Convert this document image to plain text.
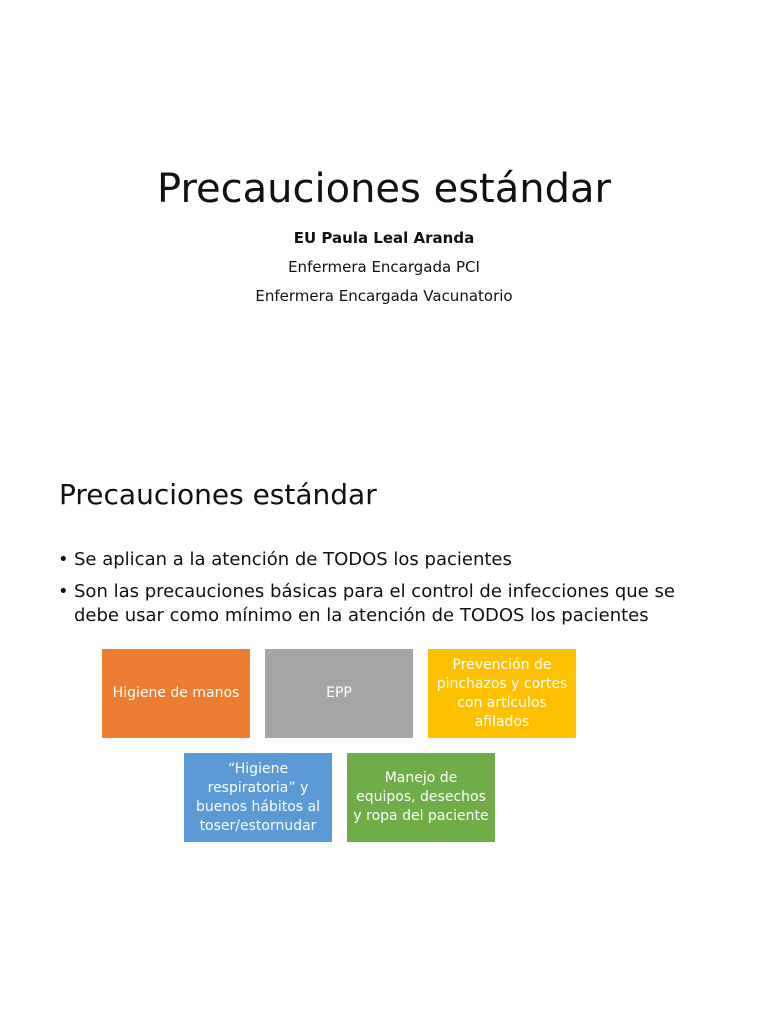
Precauciones estándar
EU Paula Leal Aranda
Enfermera Encargada PCI
Enfermera Encargada Vacunatorio
Precauciones estándar
• Se aplican a la atención de TODOS los pacientes
• Son las precauciones básicas para el control de infecciones que se debe usar como mínimo en la atención de TODOS los pacientes
Higiene de manos	EPP
Prevención de pinchazos y cortes con artículos afilados
“Higiene respiratoria” y buenos hábitos al toser/estornudar
Manejo de equipos, desechos y ropa del paciente
